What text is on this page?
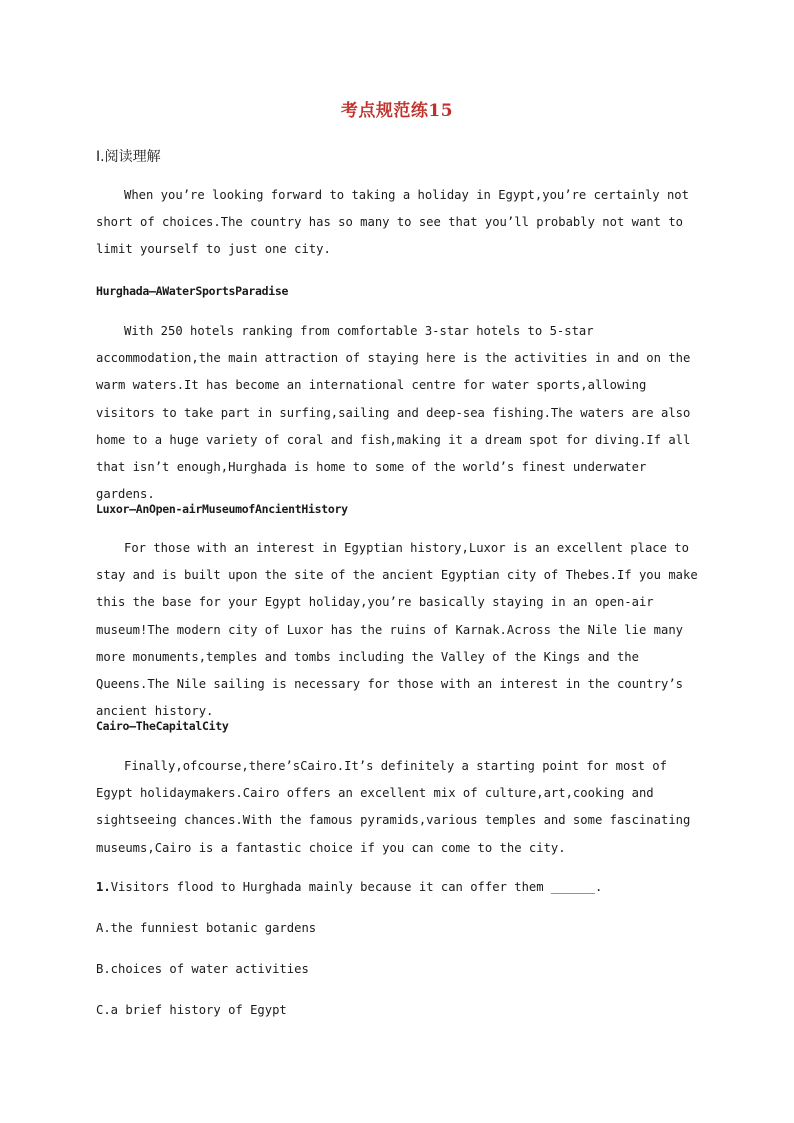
考点规范练15
Ⅰ.阅读理解

When you’re looking forward to taking a holiday in Egypt,you’re certainly not short of choices.The country has so many to see that you’ll probably not want to limit yourself to just one city.

Hurghada—AWaterSportsParadise

With 250 hotels ranking from comfortable 3-star hotels to 5-star accommodation,the main attraction of staying here is the activities in and on the warm waters.It has become an international centre for water sports,allowing visitors to take part in surfing,sailing and deep-sea fishing.The waters are also home to a huge variety of coral and fish,making it a dream spot for diving.If all that isn’t enough,Hurghada is home to some of the world’s finest underwater gardens.

Luxor—AnOpen-airMuseumofAncientHistory

For those with an interest in Egyptian history,Luxor is an excellent place to stay and is built upon the site of the ancient Egyptian city of Thebes.If you make this the base for your Egypt holiday,you’re basically staying in an open-air museum!The modern city of Luxor has the ruins of Karnak.Across the Nile lie many more monuments,temples and tombs including the Valley of the Kings and the Queens.The Nile sailing is necessary for those with an interest in the country’s ancient history.

Cairo—TheCapitalCity

Finally,ofcourse,there’sCairo.It’s definitely a starting point for most of Egypt holidaymakers.Cairo offers an excellent mix of culture,art,cooking and sightseeing chances.With the famous pyramids,various temples and some fascinating museums,Cairo is a fantastic choice if you can come to the city.

1.Visitors flood to Hurghada mainly because it can offer them ______.
A.the funniest botanic gardens
B.choices of water activities
C.a brief history of Egypt
